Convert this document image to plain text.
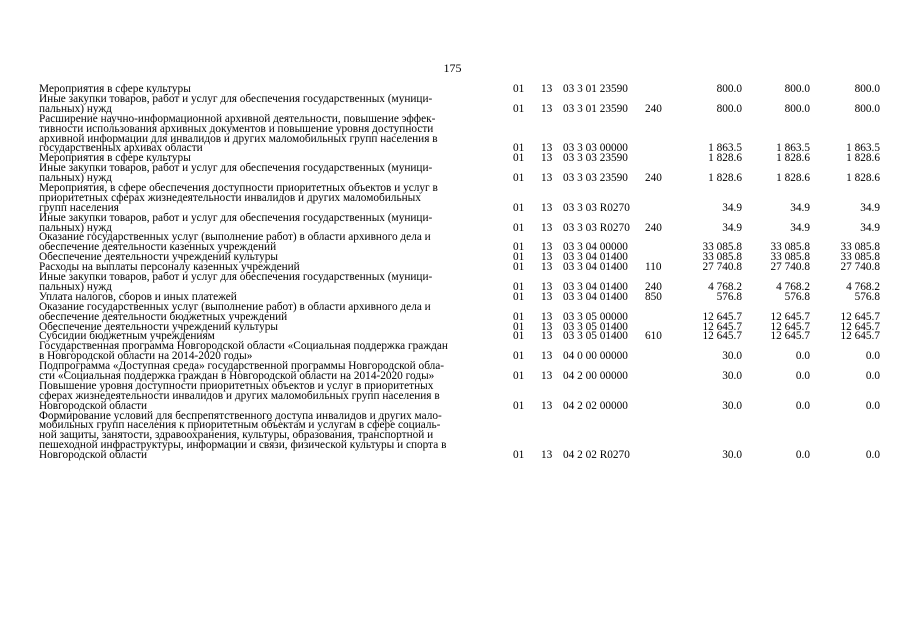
175
Мероприятия в сфере культуры	01 13 03 3 01 23590	800.0	800.0	800.0
Иные закупки товаров, работ и услуг для обеспечения государственных (муници-
пальных) нужд	01 13 03 3 01 23590 240	800.0	800.0	800.0
Расширение научно-информационной архивной деятельности, повышение эффек-
тивности использования архивных документов и повышение уровня доступности
архивной информации для инвалидов и других маломобильных групп населения в
государственных архивах области	01 13 03 3 03 00000	1 863.5	1 863.5	1 863.5
Мероприятия в сфере культуры	01 13 03 3 03 23590	1 828.6	1 828.6	1 828.6
Иные закупки товаров, работ и услуг для обеспечения государственных (муници-
пальных) нужд	01 13 03 3 03 23590 240	1 828.6	1 828.6	1 828.6
Мероприятия, в сфере обеспечения доступности приоритетных объектов и услуг в
приоритетных сферах жизнедеятельности инвалидов и других маломобильных
групп населения	01 13 03 3 03 R0270	34.9	34.9	34.9
Иные закупки товаров, работ и услуг для обеспечения государственных (муници-
пальных) нужд	01 13 03 3 03 R0270 240	34.9	34.9	34.9
Оказание государственных услуг (выполнение работ) в области архивного дела и
обеспечение деятельности казенных учреждений	01 13 03 3 04 00000	33 085.8	33 085.8	33 085.8
Обеспечение деятельности учреждений культуры	01 13 03 3 04 01400	33 085.8	33 085.8	33 085.8
Расходы на выплаты персоналу казенных учреждений	01 13 03 3 04 01400 110	27 740.8	27 740.8	27 740.8
Иные закупки товаров, работ и услуг для обеспечения государственных (муници-
пальных) нужд	01 13 03 3 04 01400 240	4 768.2	4 768.2	4 768.2
Уплата налогов, сборов и иных платежей	01 13 03 3 04 01400 850	576.8	576.8	576.8
Оказание государственных услуг (выполнение работ) в области архивного дела и
обеспечение деятельности бюджетных учреждений	01 13 03 3 05 00000	12 645.7	12 645.7	12 645.7
Обеспечение деятельности учреждений культуры	01 13 03 3 05 01400	12 645.7	12 645.7	12 645.7
Субсидии бюджетным учреждениям	01 13 03 3 05 01400 610	12 645.7	12 645.7	12 645.7
Государственная программа Новгородской области «Социальная поддержка граждан
в Новгородской области на 2014-2020 годы»	01 13 04 0 00 00000	30.0	0.0	0.0
Подпрограмма «Доступная среда» государственной программы Новгородской обла-
сти «Социальная поддержка граждан в Новгородской области на 2014-2020 годы»	01 13 04 2 00 00000	30.0	0.0	0.0
Повышение уровня доступности приоритетных объектов и услуг в приоритетных
сферах жизнедеятельности инвалидов и других маломобильных групп населения в
Новгородской области	01 13 04 2 02 00000	30.0	0.0	0.0
Формирование условий для беспрепятственного доступа инвалидов и других мало-
мобильных групп населения к приоритетным объектам и услугам в сфере социаль-
ной защиты, занятости, здравоохранения, культуры, образования, транспортной и
пешеходной инфраструктуры, информации и связи, физической культуры и спорта в
Новгородской области	01 13 04 2 02 R0270	30.0	0.0	0.0
